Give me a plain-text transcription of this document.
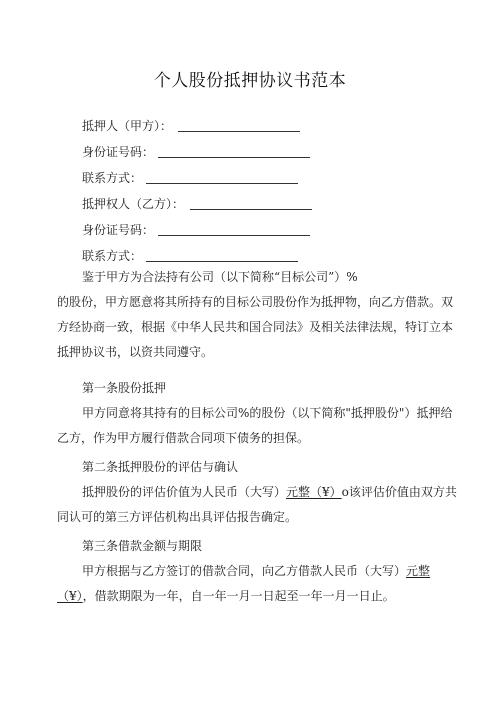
个人股份抵押协议书范本
抵押人（甲方）：
身份证号码：
联系方式：
抵押权人（乙方）：
身份证号码：
联系方式：
鉴于甲方为合法持有公司（以下简称“目标公司”）%
的股份，甲方愿意将其所持有的目标公司股份作为抵押物，向乙方借款。双
方经协商一致，根据《中华人民共和国合同法》及相关法律法规，特订立本
抵押协议书，以资共同遵守。
第一条股份抵押
甲方同意将其持有的目标公司%的股份（以下简称"抵押股份"）抵押给
乙方，作为甲方履行借款合同项下债务的担保。
第二条抵押股份的评估与确认
抵押股份的评估价值为人民币（大写）元整（¥）o该评估价值由双方共
同认可的第三方评估机构出具评估报告确定。
第三条借款金额与期限
甲方根据与乙方签订的借款合同，向乙方借款人民币（大写）元整
（¥），借款期限为一年，自一年一月一日起至一年一月一日止。
